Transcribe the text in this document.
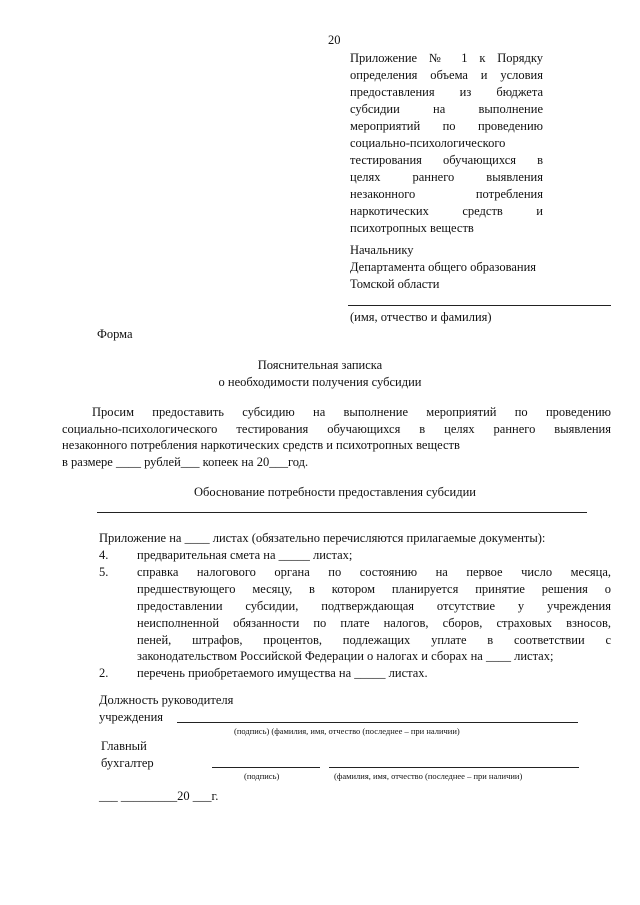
20
Приложение № 1 к Порядку
определения объема и условия
предоставления из бюджета
субсидии на выполнение
мероприятий по проведению
социально-психологического
тестирования обучающихся в
целях раннего выявления
незаконного потребления
наркотических средств и
психотропных веществ
Начальнику
Департамента общего образования
Томской области
(имя, отчество и фамилия)
Форма
Пояснительная записка
о необходимости получения субсидии
Просим предоставить субсидию на выполнение мероприятий по проведению
социально-психологического тестирования обучающихся в целях раннего выявления
незаконного потребления наркотических средств и психотропных веществ
в размере ____ рублей___ копеек на 20___год.
Обоснование потребности предоставления субсидии
Приложение на ____ листах (обязательно перечисляются прилагаемые документы):
4. предварительная смета на _____ листах;
5. справка налогового органа по состоянию на первое число месяца,
предшествующего месяцу, в котором планируется принятие решения о
предоставлении субсидии, подтверждающая отсутствие у учреждения
неисполненной обязанности по плате налогов, сборов, страховых взносов,
пеней, штрафов, процентов, подлежащих уплате в соответствии с
законодательством Российской Федерации о налогах и сборах на ____ листах;
2. перечень приобретаемого имущества на _____ листах.
Должность руководителя
учреждения
(подпись) (фамилия, имя, отчество (последнее – при наличии)
Главный
бухгалтер
(подпись)	(фамилия, имя, отчество (последнее – при наличии)
___ _________20 ___г.
